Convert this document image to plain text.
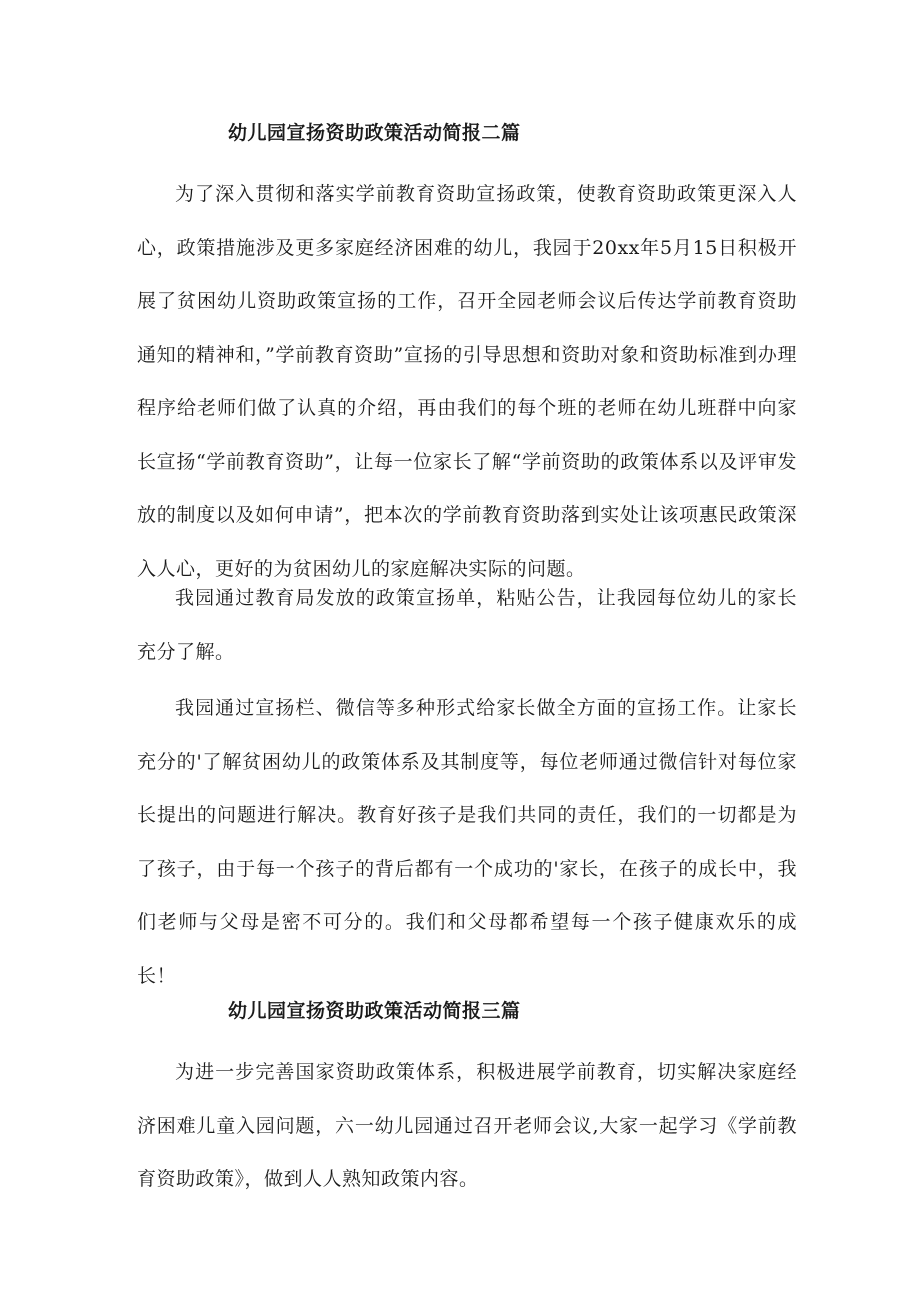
幼儿园宣扬资助政策活动简报二篇

为了深入贯彻和落实学前教育资助宣扬政策，使教育资助政策更深入人心，政策措施涉及更多家庭经济困难的幼儿，我园于20xx年5月15日积极开展了贫困幼儿资助政策宣扬的工作，召开全园老师会议后传达学前教育资助通知的精神和，”学前教育资助”宣扬的引导思想和资助对象和资助标准到办理程序给老师们做了认真的介绍，再由我们的每个班的老师在幼儿班群中向家长宣扬“学前教育资助”，让每一位家长了解“学前资助的政策体系以及评审发放的制度以及如何申请”，把本次的学前教育资助落到实处让该项惠民政策深入人心，更好的为贫困幼儿的家庭解决实际的问题。

我园通过教育局发放的政策宣扬单，粘贴公告，让我园每位幼儿的家长充分了解。

我园通过宣扬栏、微信等多种形式给家长做全方面的宣扬工作。让家长充分的'了解贫困幼儿的政策体系及其制度等，每位老师通过微信针对每位家长提出的问题进行解决。教育好孩子是我们共同的责任，我们的一切都是为了孩子，由于每一个孩子的背后都有一个成功的'家长，在孩子的成长中，我们老师与父母是密不可分的。我们和父母都希望每一个孩子健康欢乐的成长！

幼儿园宣扬资助政策活动简报三篇

为进一步完善国家资助政策体系，积极进展学前教育，切实解决家庭经济困难儿童入园问题，六一幼儿园通过召开老师会议,大家一起学习《学前教育资助政策》，做到人人熟知政策内容。
